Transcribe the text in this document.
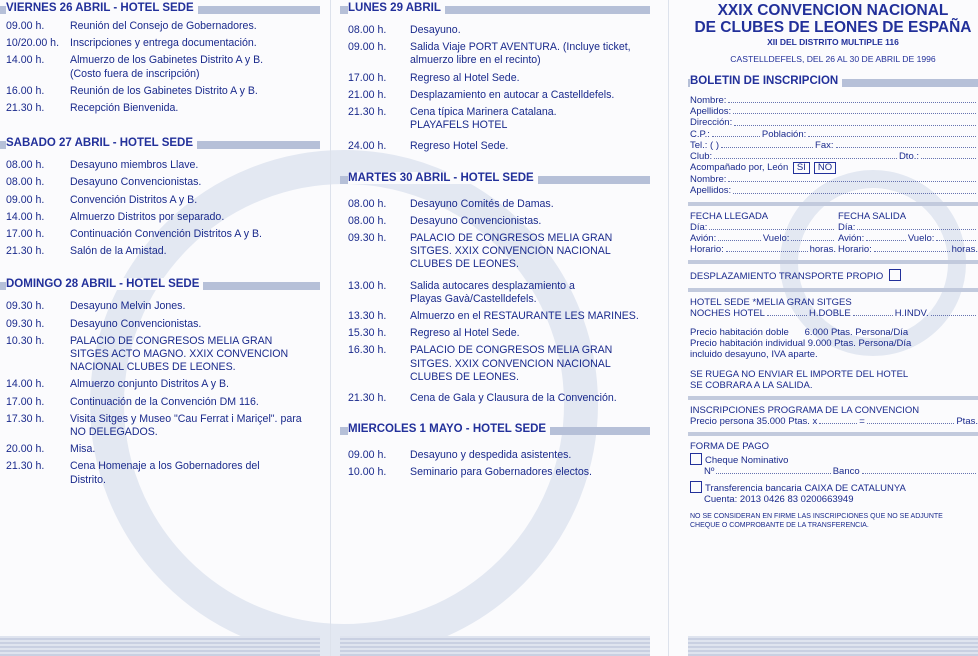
VIERNES 26 ABRIL - HOTEL SEDE
09.00 h.	Reunión del Consejo de Gobernadores.
10/20.00 h.	Inscripciones y entrega documentación.
14.00 h.	Almuerzo de los Gabinetes Distrito A y B. (Costo fuera de inscripción)
16.00 h.	Reunión de los Gabinetes Distrito A y B.
21.30 h.	Recepción Bienvenida.
SABADO 27 ABRIL - HOTEL SEDE
08.00 h.	Desayuno miembros Llave.
08.00 h.	Desayuno Convencionistas.
09.00 h.	Convención Distritos A y B.
14.00 h.	Almuerzo Distritos por separado.
17.00 h.	Continuación Convención Distritos A y B.
21.30 h.	Salón de la Amistad.
DOMINGO 28 ABRIL - HOTEL SEDE
09.30 h.	Desayuno Melvin Jones.
09.30 h.	Desayuno Convencionistas.
10.30 h.	PALACIO DE CONGRESOS MELIA GRAN SITGES ACTO MAGNO. XXIX CONVENCION NACIONAL CLUBES DE LEONES.
14.00 h.	Almuerzo conjunto Distritos A y B.
17.00 h.	Continuación de la Convención DM 116.
17.30 h.	Visita Sitges y Museo "Cau Ferrat i Mariçel". para NO DELEGADOS.
20.00 h.	Misa.
21.30 h.	Cena Homenaje a los Gobernadores del Distrito.
LUNES 29 ABRIL
08.00 h.	Desayuno.
09.00 h.	Salida Viaje PORT AVENTURA. (Incluye ticket, almuerzo libre en el recinto)
17.00 h.	Regreso al Hotel Sede.
21.00 h.	Desplazamiento en autocar a Castelldefels.
21.30 h.	Cena típica Marinera Catalana. PLAYAFELS HOTEL
24.00 h.	Regreso Hotel Sede.
MARTES 30 ABRIL - HOTEL SEDE
08.00 h.	Desayuno Comités de Damas.
08.00 h.	Desayuno Convencionistas.
09.30 h.	PALACIO DE CONGRESOS MELIA GRAN SITGES. XXIX CONVENCION NACIONAL CLUBES DE LEONES.
13.00 h.	Salida autocares desplazamiento a Playas Gavà/Castelldefels.
13.30 h.	Almuerzo en el RESTAURANTE LES MARINES.
15.30 h.	Regreso al Hotel Sede.
16.30 h.	PALACIO DE CONGRESOS MELIA GRAN SITGES. XXIX CONVENCION NACIONAL CLUBES DE LEONES.
21.30 h.	Cena de Gala y Clausura de la Convención.
MIERCOLES 1 MAYO - HOTEL SEDE
09.00 h.	Desayuno y despedida asistentes.
10.00 h.	Seminario para Gobernadores electos.
XXIX CONVENCION NACIONAL
DE CLUBES DE LEONES DE ESPAÑA
XII DEL DISTRITO MULTIPLE 116
CASTELLDEFELS, DEL 26 AL 30 DE ABRIL DE 1996
BOLETIN DE INSCRIPCION
Nombre:
Apellidos:
Dirección:
C.P.:	Población:
Tel.: ( )	Fax:
Club:	Dto.:
Acompañado por, León
SI	NO
Nombre:
Apellidos:
FECHA LLEGADA
Día:
Avión:	Vuelo:
Horario:	horas.
FECHA SALIDA
Día:
Avión:	Vuelo:
Horario:	horas.
DESPLAZAMIENTO TRANSPORTE PROPIO
HOTEL SEDE *MELIA GRAN SITGES
NOCHES HOTEL	H.DOBLE	H.INDV.
Precio habitación doble      6.000 Ptas. Persona/Día
Precio habitación individual 9.000 Ptas. Persona/Día
incluido desayuno, IVA aparte.
SE RUEGA NO ENVIAR EL IMPORTE DEL HOTEL
SE COBRARA A LA SALIDA.
INSCRIPCIONES PROGRAMA DE LA CONVENCION
Precio persona 35.000 Ptas. x	=	Ptas.
FORMA DE PAGO
Cheque Nominativo
Nº	Banco
Transferencia bancaria CAIXA DE CATALUNYA
Cuenta: 2013 0426 83 0200663949
NO SE CONSIDERAN EN FIRME LAS INSCRIPCIONES QUE NO SE ADJUNTE
CHEQUE O COMPROBANTE DE LA TRANSFERENCIA.
